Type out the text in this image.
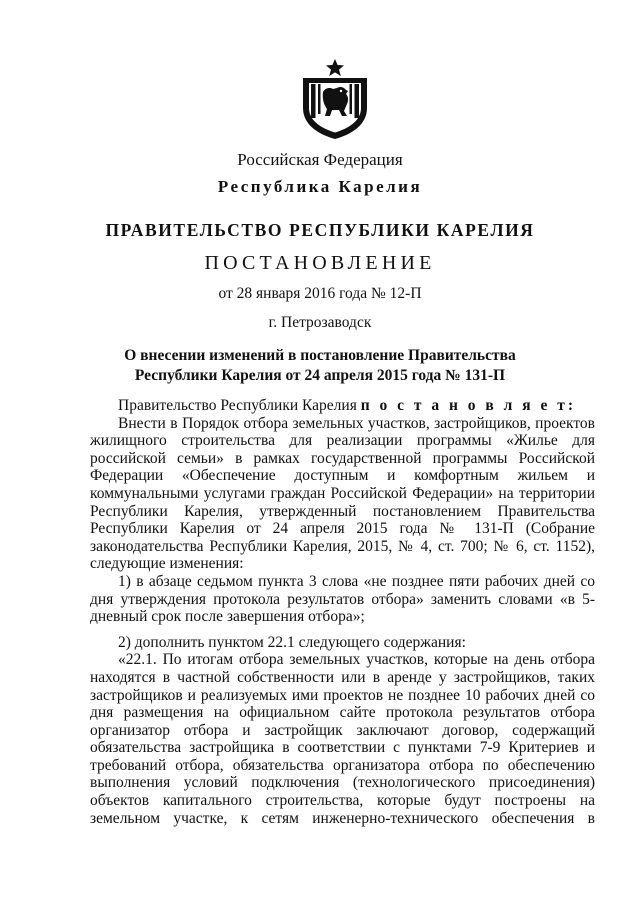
Российская Федерация
Республика Карелия
ПРАВИТЕЛЬСТВО РЕСПУБЛИКИ КАРЕЛИЯ
ПОСТАНОВЛЕНИЕ
от 28 января 2016 года № 12-П
г. Петрозаводск
О внесении изменений в постановление Правительства
Республики Карелия от 24 апреля 2015 года № 131-П
Правительство Республики Карелия п о с т а н о в л я е т:
Внести в Порядок отбора земельных участков, застройщиков, проектов
жилищного строительства для реализации программы «Жилье для
российской семьи» в рамках государственной программы Российской
Федерации «Обеспечение доступным и комфортным жильем и
коммунальными услугами граждан Российской Федерации» на территории
Республики Карелия, утвержденный постановлением Правительства
Республики Карелия от 24 апреля 2015 года № 131-П (Собрание
законодательства Республики Карелия, 2015, № 4, ст. 700; № 6, ст. 1152),
следующие изменения:
1) в абзаце седьмом пункта 3 слова «не позднее пяти рабочих дней со
дня утверждения протокола результатов отбора» заменить словами «в 5-
дневный срок после завершения отбора»;
2) дополнить пунктом 22.1 следующего содержания:
«22.1. По итогам отбора земельных участков, которые на день отбора
находятся в частной собственности или в аренде у застройщиков, таких
застройщиков и реализуемых ими проектов не позднее 10 рабочих дней со
дня размещения на официальном сайте протокола результатов отбора
организатор отбора и застройщик заключают договор, содержащий
обязательства застройщика в соответствии с пунктами 7-9 Критериев и
требований отбора, обязательства организатора отбора по обеспечению
выполнения условий подключения (технологического присоединения)
объектов капитального строительства, которые будут построены на
земельном участке, к сетям инженерно-технического обеспечения в
